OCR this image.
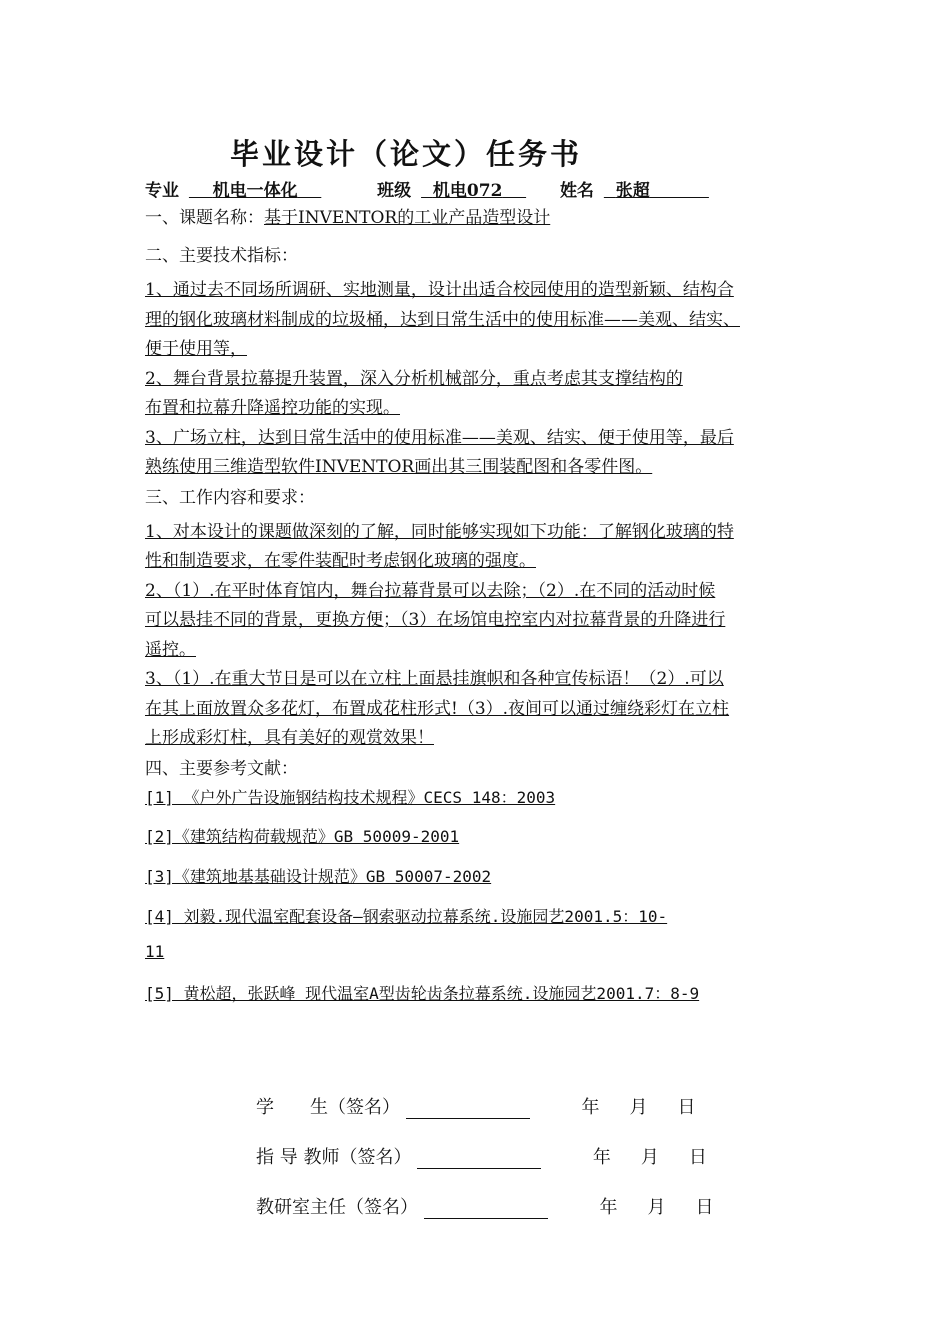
毕业设计（论文）任务书
专业 机电一体化	班级 机电072	姓名 张超
一、课题名称：基于INVENTOR的工业产品造型设计
二、主要技术指标：
1、通过去不同场所调研、实地测量，设计出适合校园使用的造型新颖、结构合
理的钢化玻璃材料制成的垃圾桶，达到日常生活中的使用标准——美观、结实、
便于使用等，
2、舞台背景拉幕提升装置，深入分析机械部分，重点考虑其支撑结构的
布置和拉幕升降遥控功能的实现。
3、广场立柱，达到日常生活中的使用标准——美观、结实、便于使用等，最后
熟练使用三维造型软件INVENTOR画出其三围装配图和各零件图。
三、工作内容和要求：
1、对本设计的课题做深刻的了解，同时能够实现如下功能：了解钢化玻璃的特
性和制造要求，在零件装配时考虑钢化玻璃的强度。
2、（1）.在平时体育馆内，舞台拉幕背景可以去除；（2）.在不同的活动时候
可以悬挂不同的背景，更换方便；（3）在场馆电控室内对拉幕背景的升降进行
遥控。
3、（1）.在重大节日是可以在立柱上面悬挂旗帜和各种宣传标语！（2）.可以
在其上面放置众多花灯，布置成花柱形式!（3）.夜间可以通过缠绕彩灯在立柱
上形成彩灯柱，具有美好的观赏效果！
四、主要参考文献：
[1] 《户外广告设施钢结构技术规程》CECS 148：2003
[2]《建筑结构荷载规范》GB 50009-2001
[3]《建筑地基基础设计规范》GB 50007-2002
[4] 刘毅.现代温室配套设备—钢索驱动拉幕系统.设施园艺2001.5：10-
11
[5] 黄松超，张跃峰 现代温室A型齿轮齿条拉幕系统.设施园艺2001.7：8-9
学　　生（签名）	年 月 日
指 导 教师（签名）	年 月 日
教研室主任（签名）	年 月 日
